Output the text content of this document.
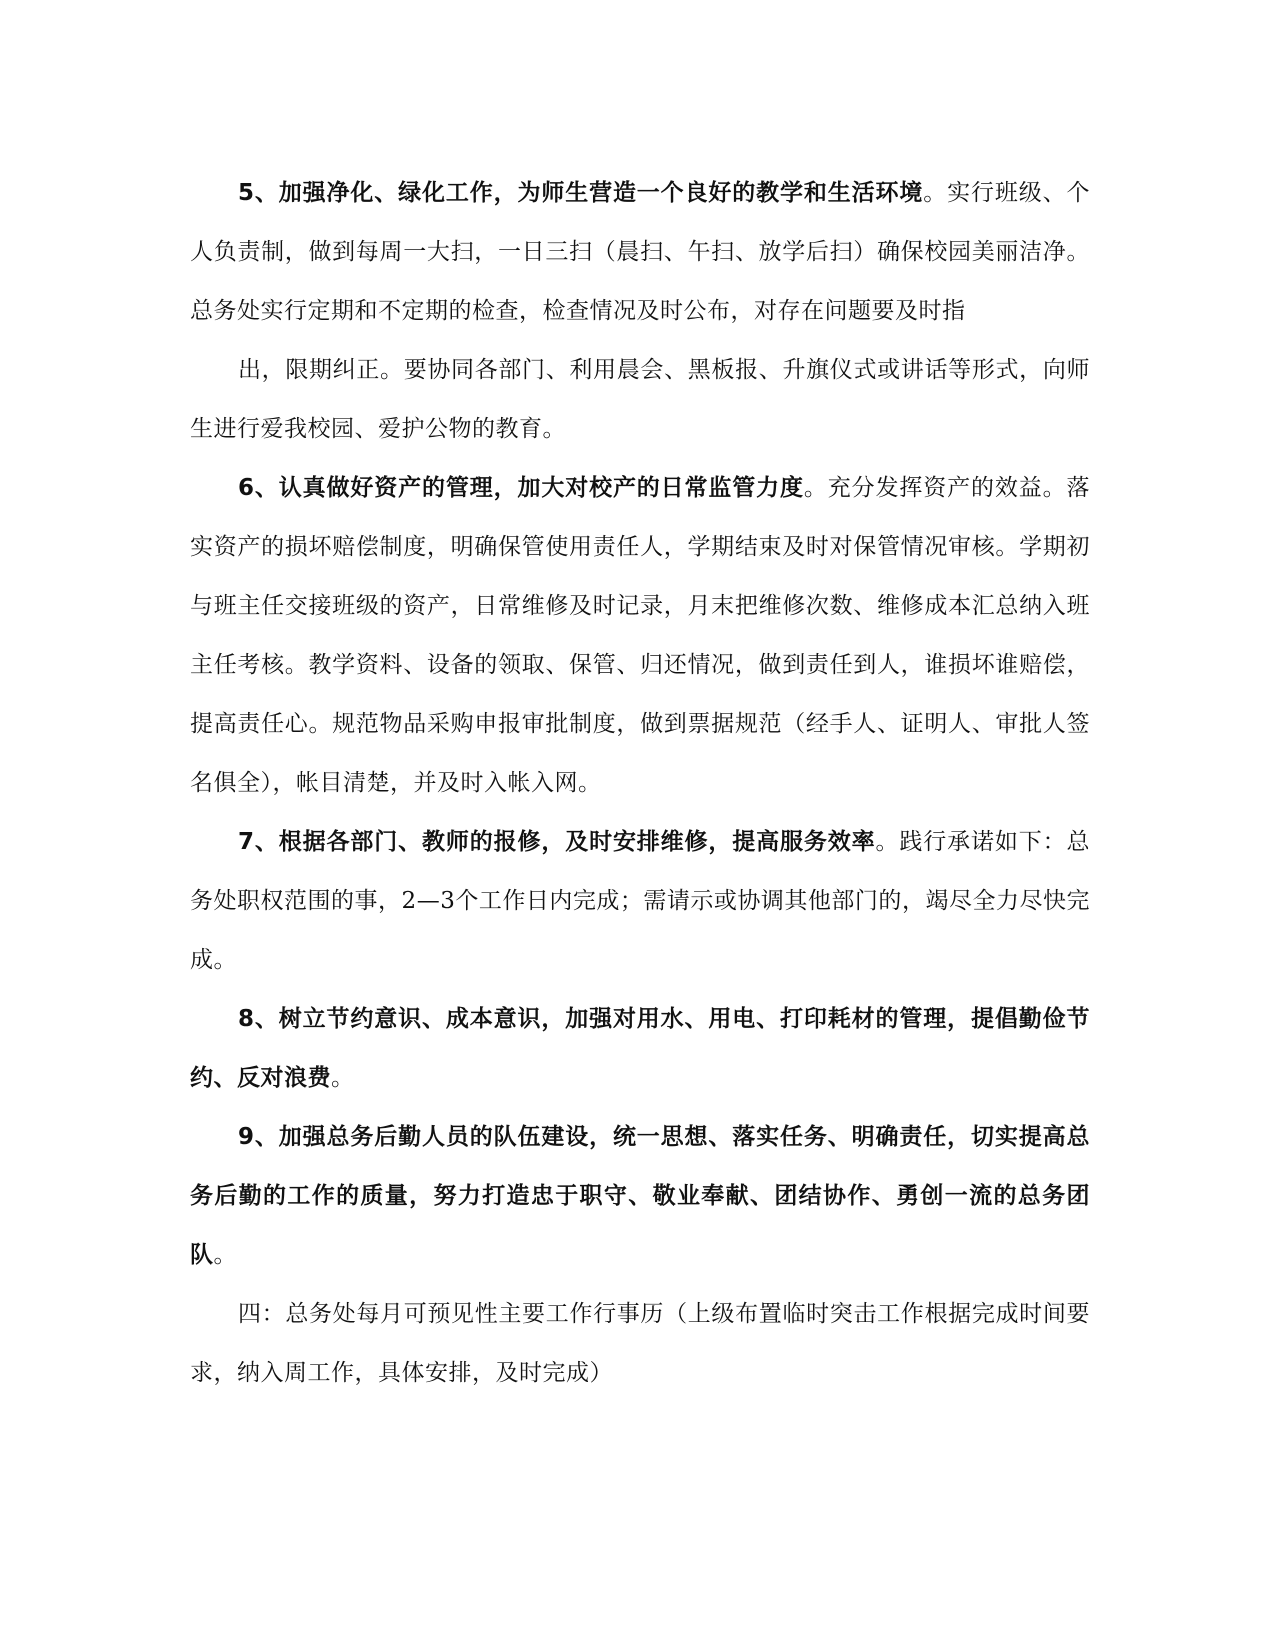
5、加强净化、绿化工作，为师生营造一个良好的教学和生活环境。实行班级、个人负责制，做到每周一大扫，一日三扫（晨扫、午扫、放学后扫）确保校园美丽洁净。总务处实行定期和不定期的检查，检查情况及时公布，对存在问题要及时指

出，限期纠正。要协同各部门、利用晨会、黑板报、升旗仪式或讲话等形式，向师生进行爱我校园、爱护公物的教育。

6、认真做好资产的管理，加大对校产的日常监管力度。充分发挥资产的效益。落实资产的损坏赔偿制度，明确保管使用责任人，学期结束及时对保管情况审核。学期初与班主任交接班级的资产，日常维修及时记录，月末把维修次数、维修成本汇总纳入班主任考核。教学资料、设备的领取、保管、归还情况，做到责任到人，谁损坏谁赔偿，提高责任心。规范物品采购申报审批制度，做到票据规范（经手人、证明人、审批人签名俱全），帐目清楚，并及时入帐入网。

7、根据各部门、教师的报修，及时安排维修，提高服务效率。践行承诺如下：总务处职权范围的事，2—3个工作日内完成；需请示或协调其他部门的，竭尽全力尽快完成。

8、树立节约意识、成本意识，加强对用水、用电、打印耗材的管理，提倡勤俭节约、反对浪费。

9、加强总务后勤人员的队伍建设，统一思想、落实任务、明确责任，切实提高总务后勤的工作的质量，努力打造忠于职守、敬业奉献、团结协作、勇创一流的总务团队。

四：总务处每月可预见性主要工作行事历（上级布置临时突击工作根据完成时间要求，纳入周工作，具体安排，及时完成）
